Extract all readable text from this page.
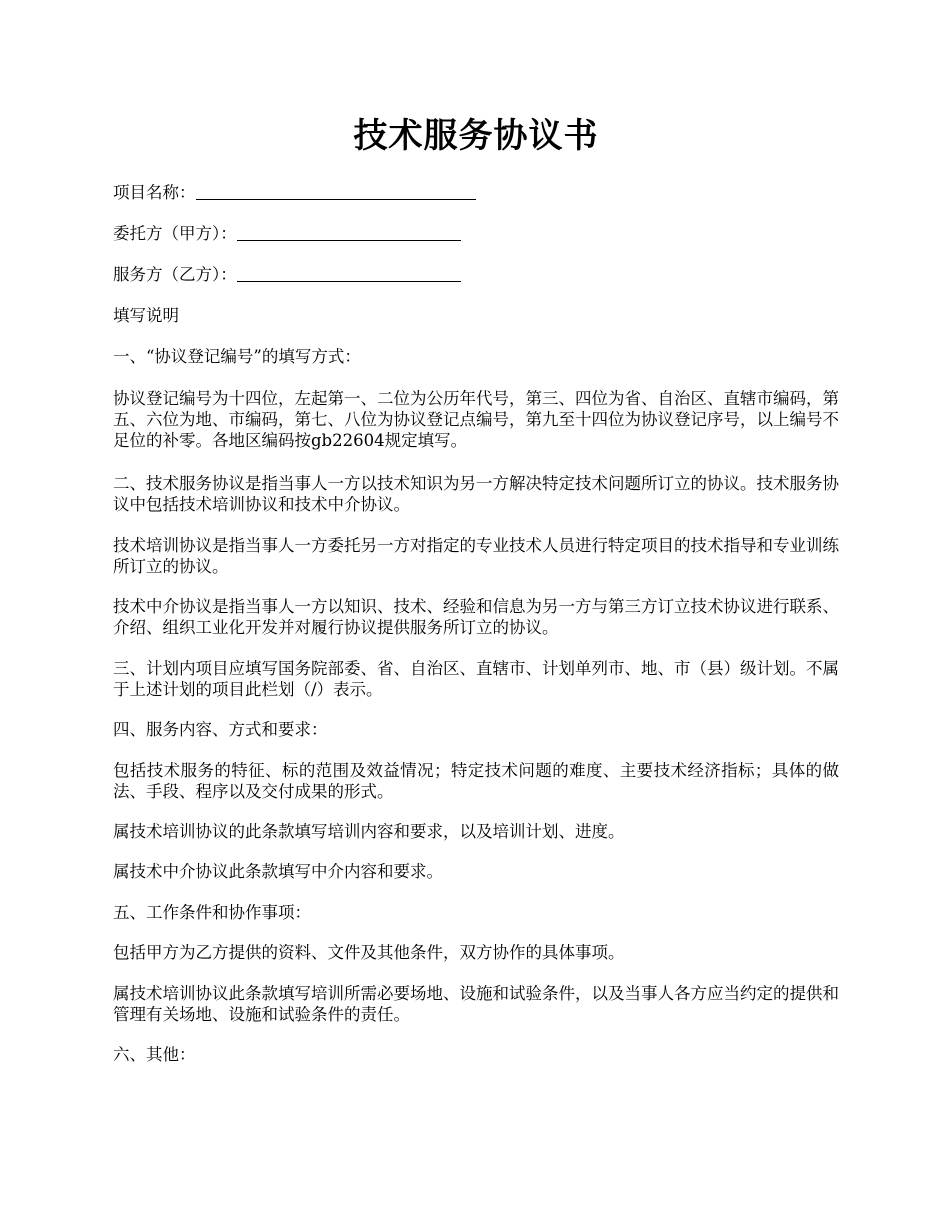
技术服务协议书

项目名称：

委托方（甲方）：

服务方（乙方）：

填写说明

一、“协议登记编号”的填写方式：

协议登记编号为十四位，左起第一、二位为公历年代号，第三、四位为省、自治区、直辖市编码，第五、六位为地、市编码，第七、八位为协议登记点编号，第九至十四位为协议登记序号，以上编号不足位的补零。各地区编码按gb22604规定填写。

二、技术服务协议是指当事人一方以技术知识为另一方解决特定技术问题所订立的协议。技术服务协议中包括技术培训协议和技术中介协议。

技术培训协议是指当事人一方委托另一方对指定的专业技术人员进行特定项目的技术指导和专业训练所订立的协议。

技术中介协议是指当事人一方以知识、技术、经验和信息为另一方与第三方订立技术协议进行联系、介绍、组织工业化开发并对履行协议提供服务所订立的协议。

三、计划内项目应填写国务院部委、省、自治区、直辖市、计划单列市、地、市（县）级计划。不属于上述计划的项目此栏划（/）表示。

四、服务内容、方式和要求：

包括技术服务的特征、标的范围及效益情况；特定技术问题的难度、主要技术经济指标；具体的做法、手段、程序以及交付成果的形式。

属技术培训协议的此条款填写培训内容和要求，以及培训计划、进度。

属技术中介协议此条款填写中介内容和要求。

五、工作条件和协作事项：

包括甲方为乙方提供的资料、文件及其他条件，双方协作的具体事项。

属技术培训协议此条款填写培训所需必要场地、设施和试验条件，以及当事人各方应当约定的提供和管理有关场地、设施和试验条件的责任。

六、其他：
